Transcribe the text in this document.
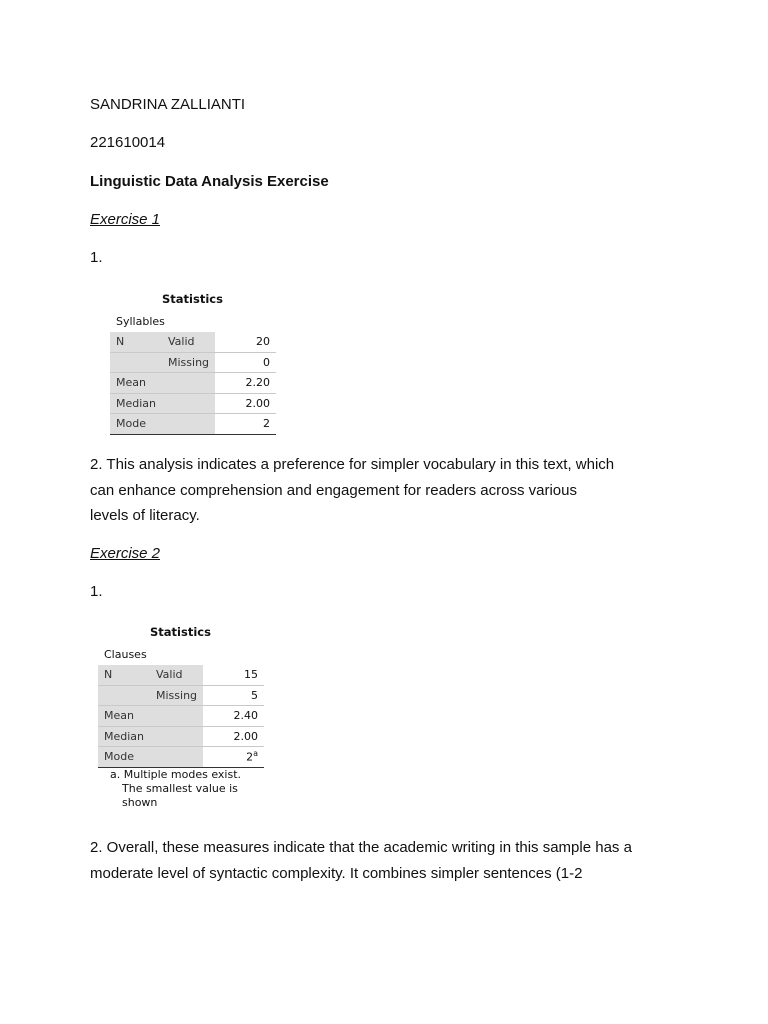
SANDRINA ZALLIANTI
221610014
Linguistic Data Analysis Exercise
Exercise 1
1.
Statistics
Syllables
N	Valid	20
	Missing	0
Mean		2.20
Median		2.00
Mode		2
2. This analysis indicates a preference for simpler vocabulary in this text, which
can enhance comprehension and engagement for readers across various
levels of literacy.
Exercise 2
1.
Statistics
Clauses
N	Valid	15
	Missing	5
Mean		2.40
Median		2.00
Mode		2$^a$
a. Multiple modes exist.
The smallest value is
shown
2. Overall, these measures indicate that the academic writing in this sample has a
moderate level of syntactic complexity. It combines simpler sentences (1-2
